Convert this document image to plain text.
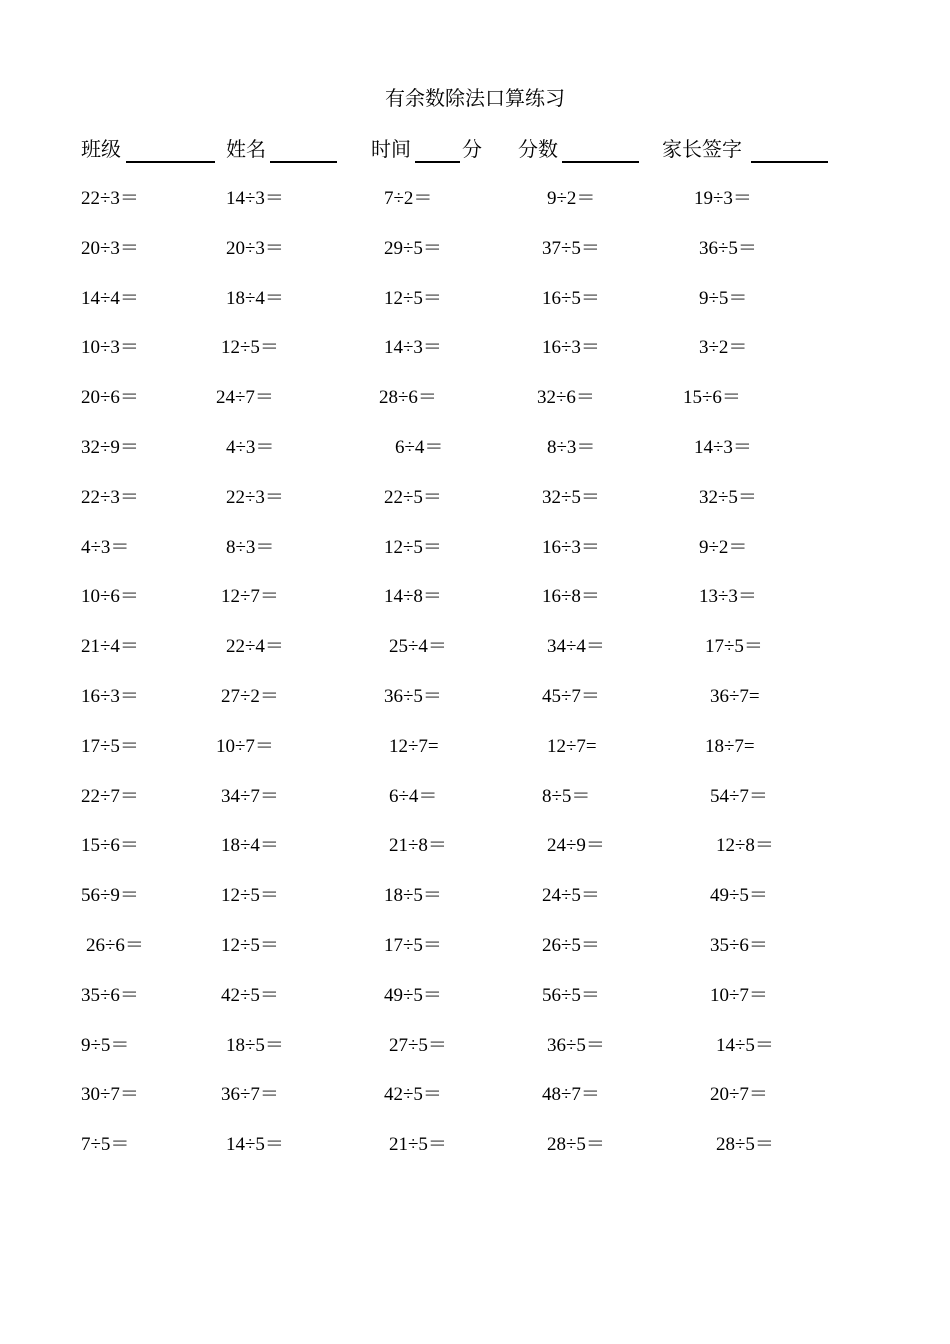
有余数除法口算练习
班级	姓名	时间	分 分数	家长签字
22÷3＝	14÷3＝	7÷2＝	9÷2＝	19÷3＝
20÷3＝	20÷3＝	29÷5＝	37÷5＝	36÷5＝
14÷4＝	18÷4＝	12÷5＝	16÷5＝	9÷5＝
10÷3＝	12÷5＝	14÷3＝	16÷3＝	3÷2＝
20÷6＝	24÷7＝	28÷6＝	32÷6＝	15÷6＝
32÷9＝	4÷3＝	6÷4＝	8÷3＝	14÷3＝
22÷3＝	22÷3＝	22÷5＝	32÷5＝	32÷5＝
4÷3＝	8÷3＝	12÷5＝	16÷3＝	9÷2＝
10÷6＝	12÷7＝	14÷8＝	16÷8＝	13÷3＝
21÷4＝	22÷4＝	25÷4＝	34÷4＝	17÷5＝
16÷3＝	27÷2＝	36÷5＝	45÷7＝	36÷7=
17÷5＝	10÷7＝	12÷7=	12÷7=	18÷7=
22÷7＝	34÷7＝	6÷4＝	8÷5＝	54÷7＝
15÷6＝	18÷4＝	21÷8＝	24÷9＝	12÷8＝
56÷9＝	12÷5＝	18÷5＝	24÷5＝	49÷5＝
26÷6＝	12÷5＝	17÷5＝	26÷5＝	35÷6＝
35÷6＝	42÷5＝	49÷5＝	56÷5＝	10÷7＝
9÷5＝	18÷5＝	27÷5＝	36÷5＝	14÷5＝
30÷7＝	36÷7＝	42÷5＝	48÷7＝	20÷7＝
7÷5＝	14÷5＝	21÷5＝	28÷5＝	28÷5＝
